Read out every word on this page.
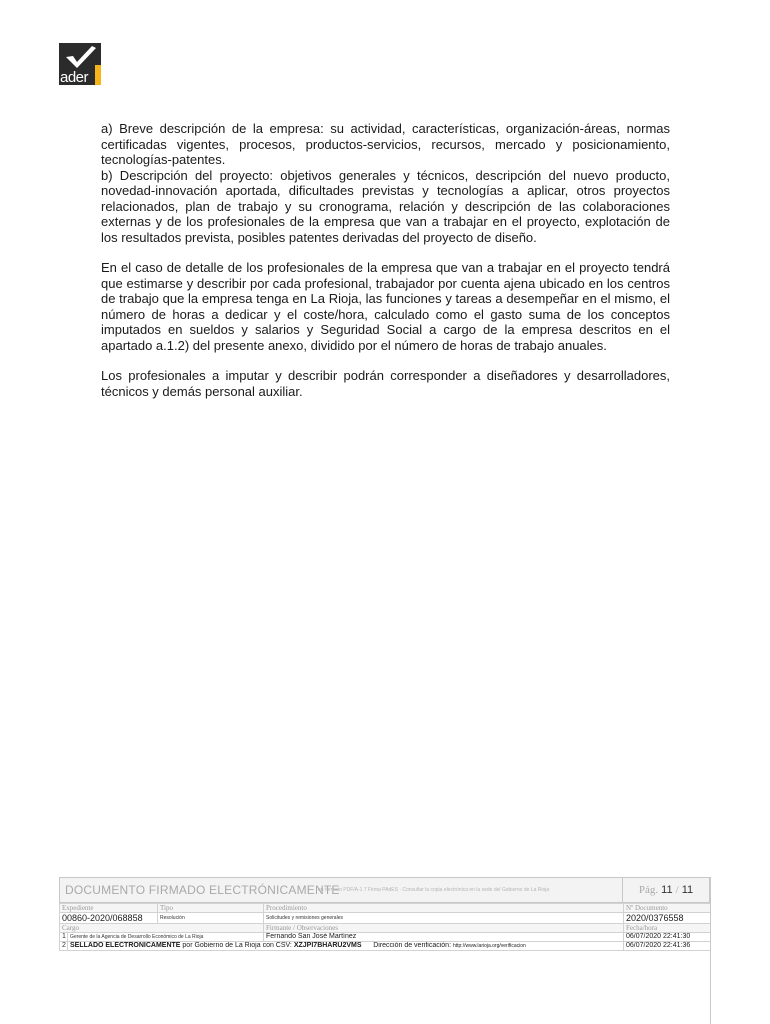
ader

a) Breve descripción de la empresa: su actividad, características, organización-áreas, normas certificadas vigentes, procesos, productos-servicios, recursos, mercado y posicionamiento, tecnologías-patentes.

b) Descripción del proyecto: objetivos generales y técnicos, descripción del nuevo producto, novedad-innovación aportada, dificultades previstas y tecnologías a aplicar, otros proyectos relacionados, plan de trabajo y su cronograma, relación y descripción de las colaboraciones externas y de los profesionales de la empresa que van a trabajar en el proyecto, explotación de los resultados prevista, posibles patentes derivadas del proyecto de diseño.

En el caso de detalle de los profesionales de la empresa que van a trabajar en el proyecto tendrá que estimarse y describir por cada profesional, trabajador por cuenta ajena ubicado en los centros de trabajo que la empresa tenga en La Rioja, las funciones y tareas a desempeñar en el mismo, el número de horas a dedicar y el coste/hora, calculado como el gasto suma de los conceptos imputados en sueldos y salarios y Seguridad Social a cargo de la empresa descritos en el apartado a.1.2) del presente anexo, dividido por el número de horas de trabajo anuales.

Los profesionales a imputar y describir podrán corresponder a diseñadores y desarrolladores, técnicos y demás personal auxiliar.

DOCUMENTO FIRMADO ELECTRÓNICAMENTE
en formato PDF/A-1 7 Firma PAdES · Consultar la copia electrónica en la sede del Gobierno de La Rioja	Pág. 11 / 11
Expediente		Tipo	Procedimiento	Nº Documento
00860-2020/068858		Resolución	Solicitudes y remisiones generales	2020/0376558
Cargo			Firmante / Observaciones	Fecha/hora
1	Gerente de la Agencia de Desarrollo Económico de La Rioja		Fernando San José Martínez	06/07/2020 22:41:30
2	SELLADO ELECTRÓNICAMENTE por Gobierno de La Rioja con CSV: XZJPI7BHARU2VMS Dirección de verificación: http://www.larioja.org/verificacion			06/07/2020 22:41:36
